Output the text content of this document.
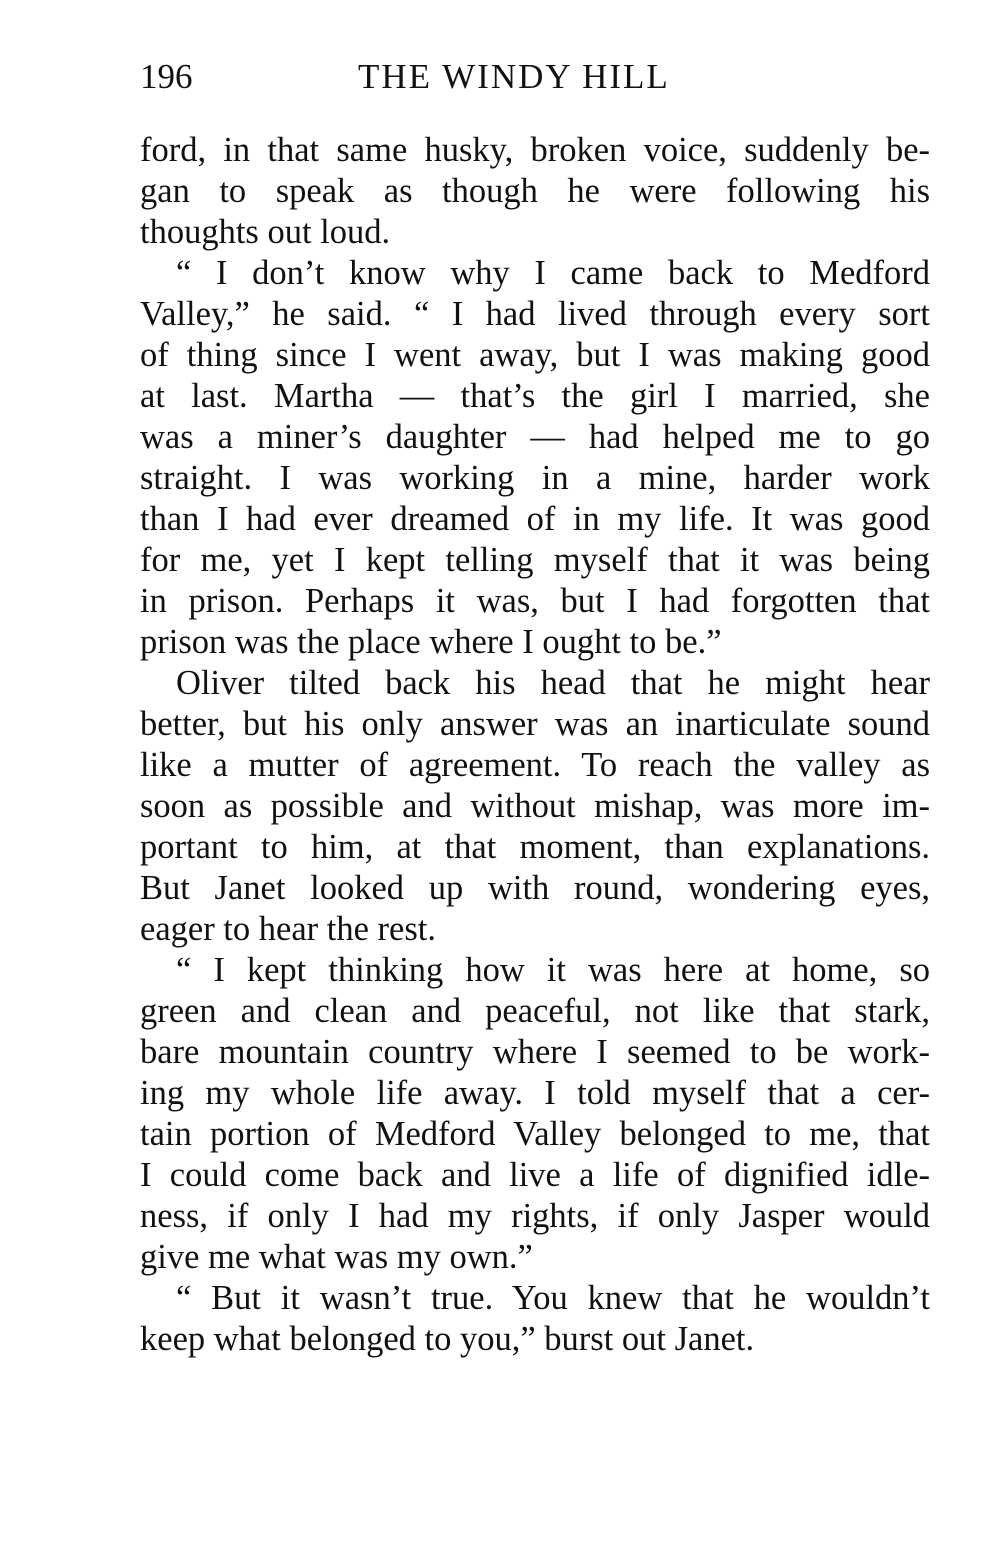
196	THE WINDY HILL
ford, in that same husky, broken voice, suddenly be-
gan to speak as though he were following his
thoughts out loud.
“ I don’t know why I came back to Medford
Valley,” he said. “ I had lived through every sort
of thing since I went away, but I was making good
at last. Martha — that’s the girl I married, she
was a miner’s daughter — had helped me to go
straight. I was working in a mine, harder work
than I had ever dreamed of in my life. It was good
for me, yet I kept telling myself that it was being
in prison. Perhaps it was, but I had forgotten that
prison was the place where I ought to be.”
Oliver tilted back his head that he might hear
better, but his only answer was an inarticulate sound
like a mutter of agreement. To reach the valley as
soon as possible and without mishap, was more im-
portant to him, at that moment, than explanations.
But Janet looked up with round, wondering eyes,
eager to hear the rest.
“ I kept thinking how it was here at home, so
green and clean and peaceful, not like that stark,
bare mountain country where I seemed to be work-
ing my whole life away. I told myself that a cer-
tain portion of Medford Valley belonged to me, that
I could come back and live a life of dignified idle-
ness, if only I had my rights, if only Jasper would
give me what was my own.”
“ But it wasn’t true. You knew that he wouldn’t
keep what belonged to you,” burst out Janet.
